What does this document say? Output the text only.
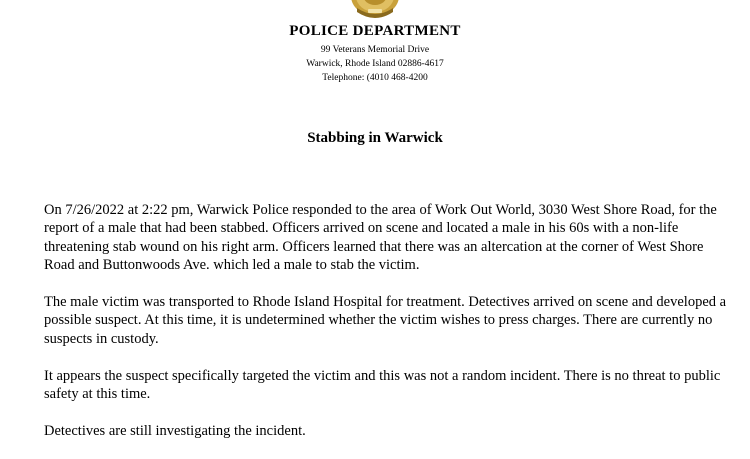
POLICE DEPARTMENT

99 Veterans Memorial Drive

Warwick, Rhode Island 02886-4617

Telephone: (4010 468-4200

Stabbing in Warwick

On 7/26/2022 at 2:22 pm, Warwick Police responded to the area of Work Out World, 3030 West Shore Road, for the report of a male that had been stabbed. Officers arrived on scene and located a male in his 60s with a non-life threatening stab wound on his right arm. Officers learned that there was an altercation at the corner of West Shore Road and Buttonwoods Ave. which led a male to stab the victim.

The male victim was transported to Rhode Island Hospital for treatment. Detectives arrived on scene and developed a possible suspect. At this time, it is undetermined whether the victim wishes to press charges. There are currently no suspects in custody.

It appears the suspect specifically targeted the victim and this was not a random incident. There is no threat to public safety at this time.

Detectives are still investigating the incident.
